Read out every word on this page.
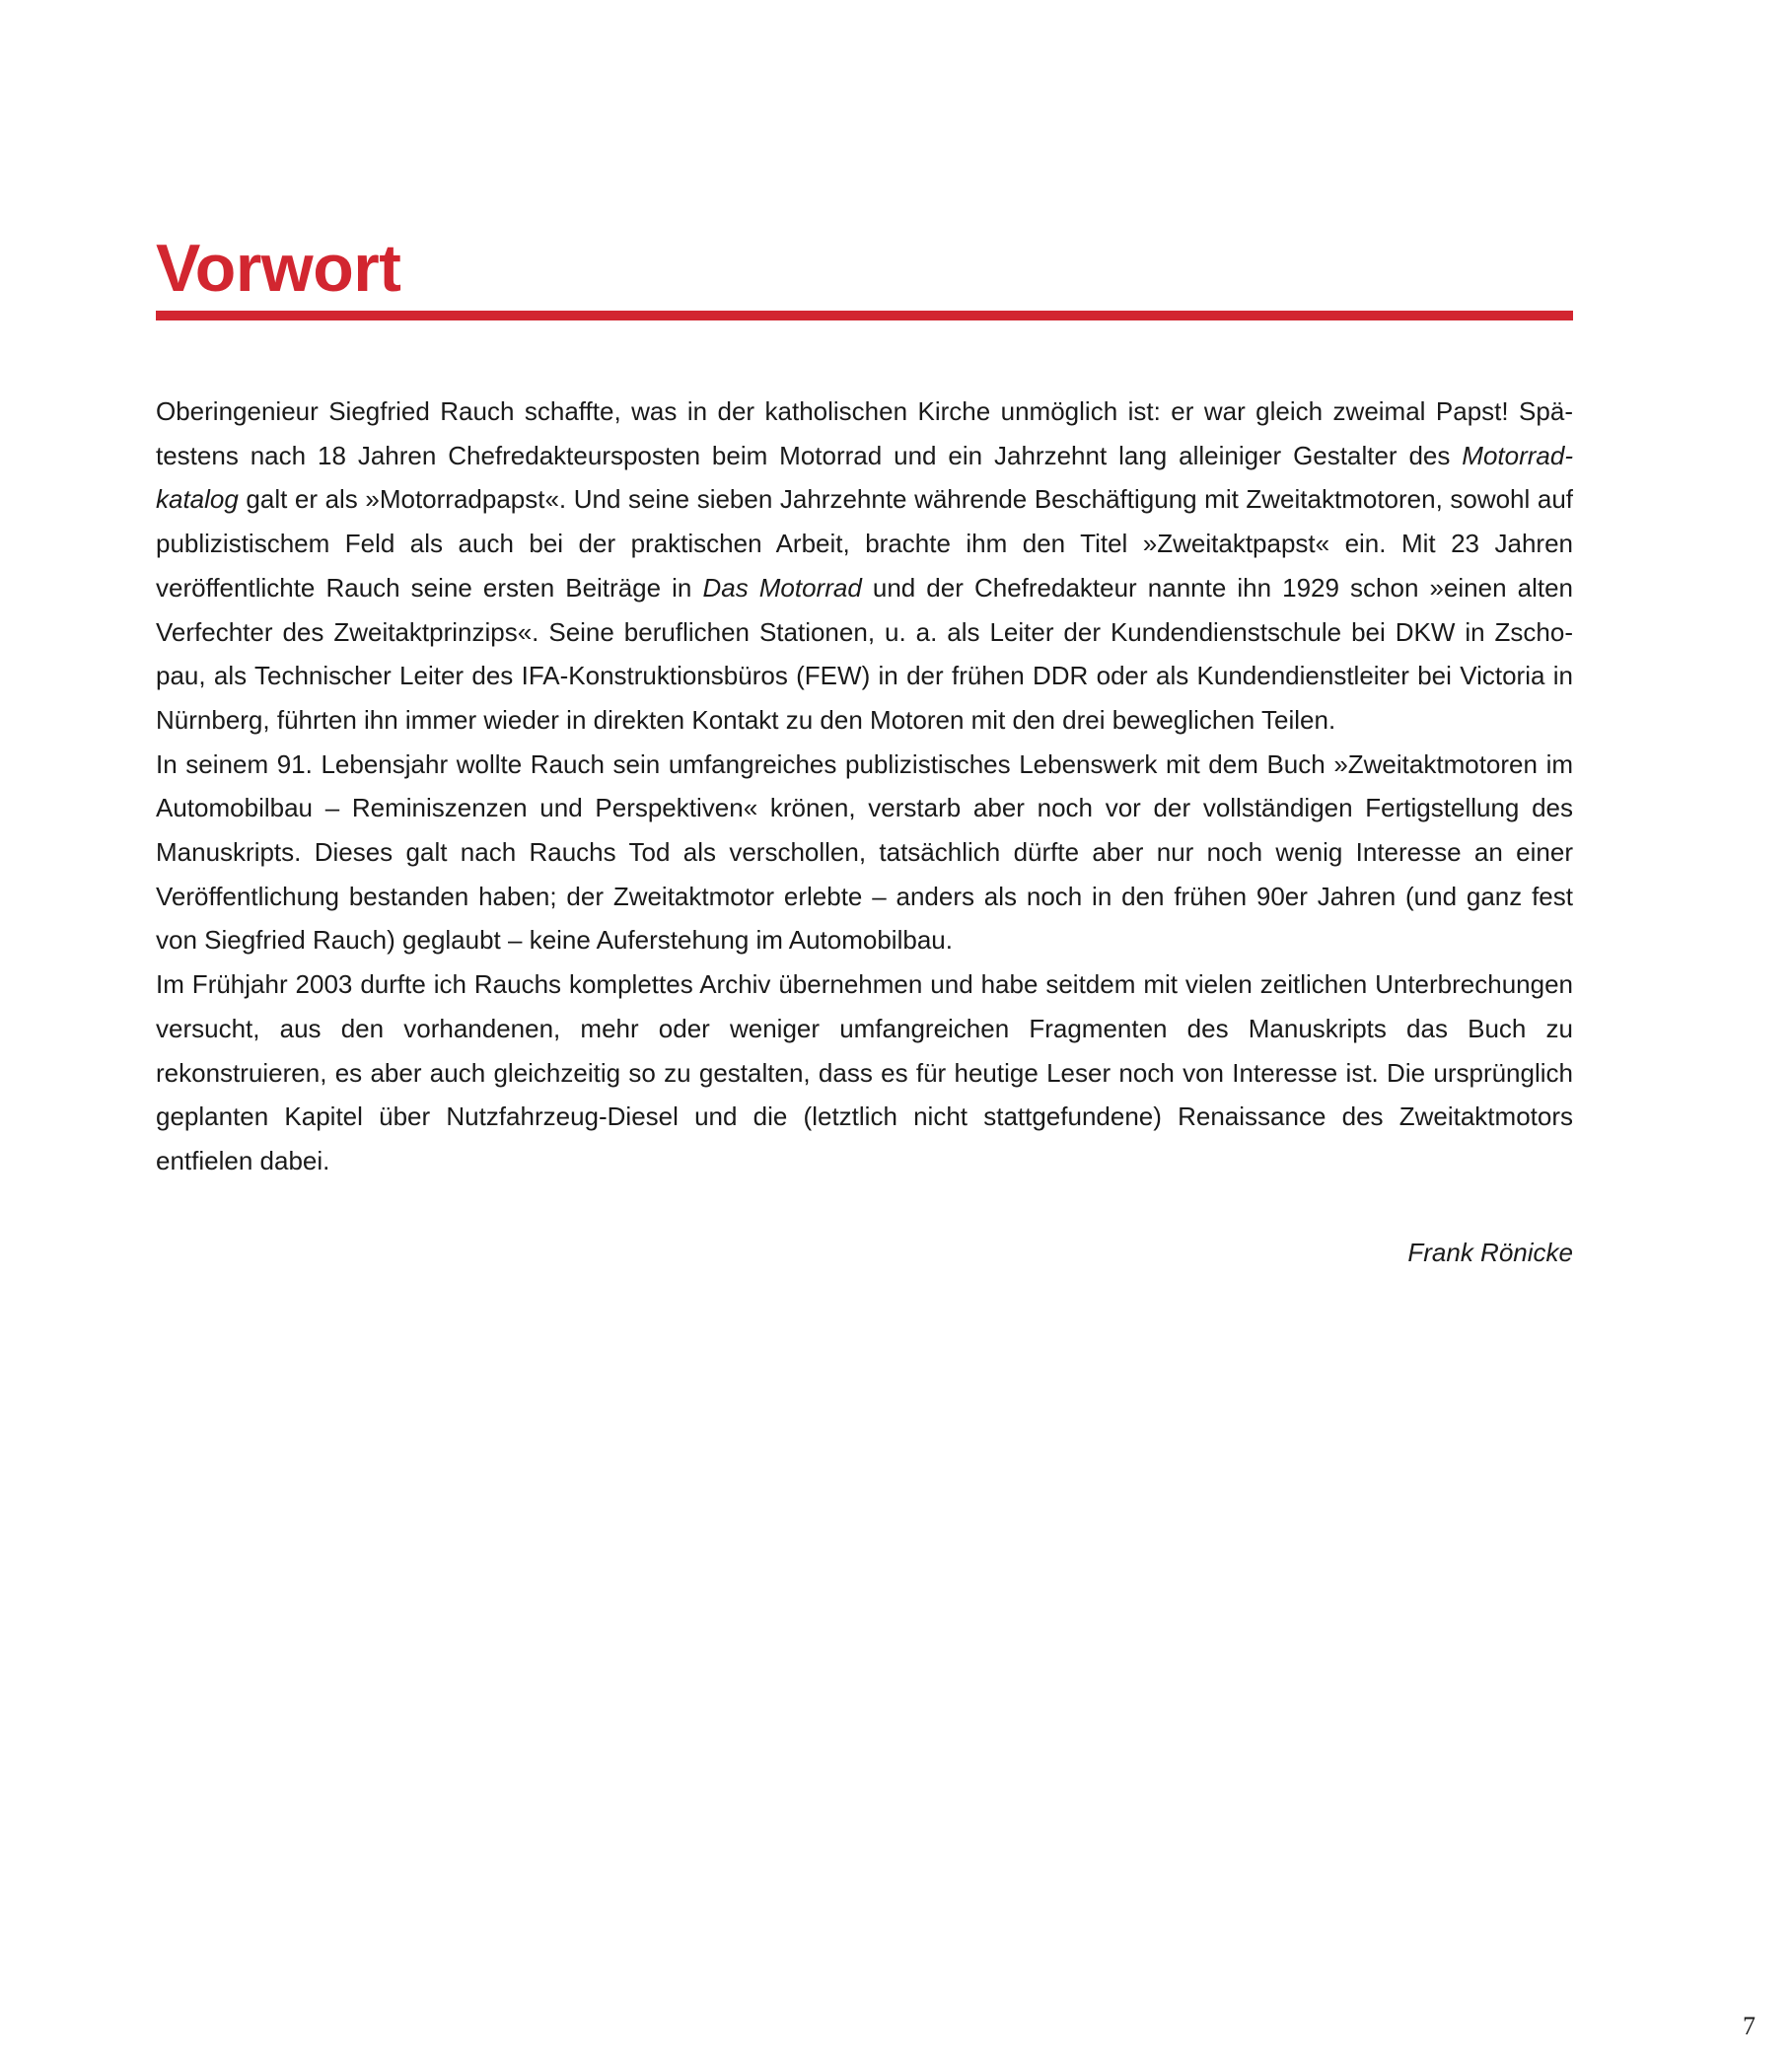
Vorwort

Oberingenieur Siegfried Rauch schaffte, was in der katholischen Kirche unmöglich ist: er war gleich zweimal Papst! Spätestens nach 18 Jahren Chefredakteursposten beim Motorrad und ein Jahrzehnt lang alleiniger Gestalter des Motorradkatalog galt er als »Motorradpapst«. Und seine sieben Jahrzehnte währende Beschäftigung mit Zweitaktmotoren, sowohl auf publizistischem Feld als auch bei der praktischen Arbeit, brachte ihm den Titel »Zweitaktpapst« ein. Mit 23 Jahren veröffentlichte Rauch seine ersten Beiträge in Das Motorrad und der Chefredakteur nannte ihn 1929 schon »einen alten Verfechter des Zweitaktprinzips«. Seine beruflichen Stationen, u. a. als Leiter der Kundendienstschule bei DKW in Zschopau, als Technischer Leiter des IFA-Konstruktionsbüros (FEW) in der frühen DDR oder als Kundendienstleiter bei Victoria in Nürnberg, führten ihn immer wieder in direkten Kontakt zu den Motoren mit den drei beweglichen Teilen.

In seinem 91. Lebensjahr wollte Rauch sein umfangreiches publizistisches Lebenswerk mit dem Buch »Zweitaktmotoren im Automobilbau – Reminiszenzen und Perspektiven« krönen, verstarb aber noch vor der vollständigen Fertigstellung des Manuskripts. Dieses galt nach Rauchs Tod als verschollen, tatsächlich dürfte aber nur noch wenig Interesse an einer Veröffentlichung bestanden haben; der Zweitaktmotor erlebte – anders als noch in den frühen 90er Jahren (und ganz fest von Siegfried Rauch) geglaubt – keine Auferstehung im Automobilbau.

Im Frühjahr 2003 durfte ich Rauchs komplettes Archiv übernehmen und habe seitdem mit vielen zeitlichen Unterbrechungen versucht, aus den vorhandenen, mehr oder weniger umfangreichen Fragmenten des Manuskripts das Buch zu rekonstruieren, es aber auch gleichzeitig so zu gestalten, dass es für heutige Leser noch von Interesse ist. Die ursprünglich geplanten Kapitel über Nutzfahrzeug-Diesel und die (letztlich nicht stattgefundene) Renaissance des Zweitaktmotors entfielen dabei.

Frank Rönicke

7
